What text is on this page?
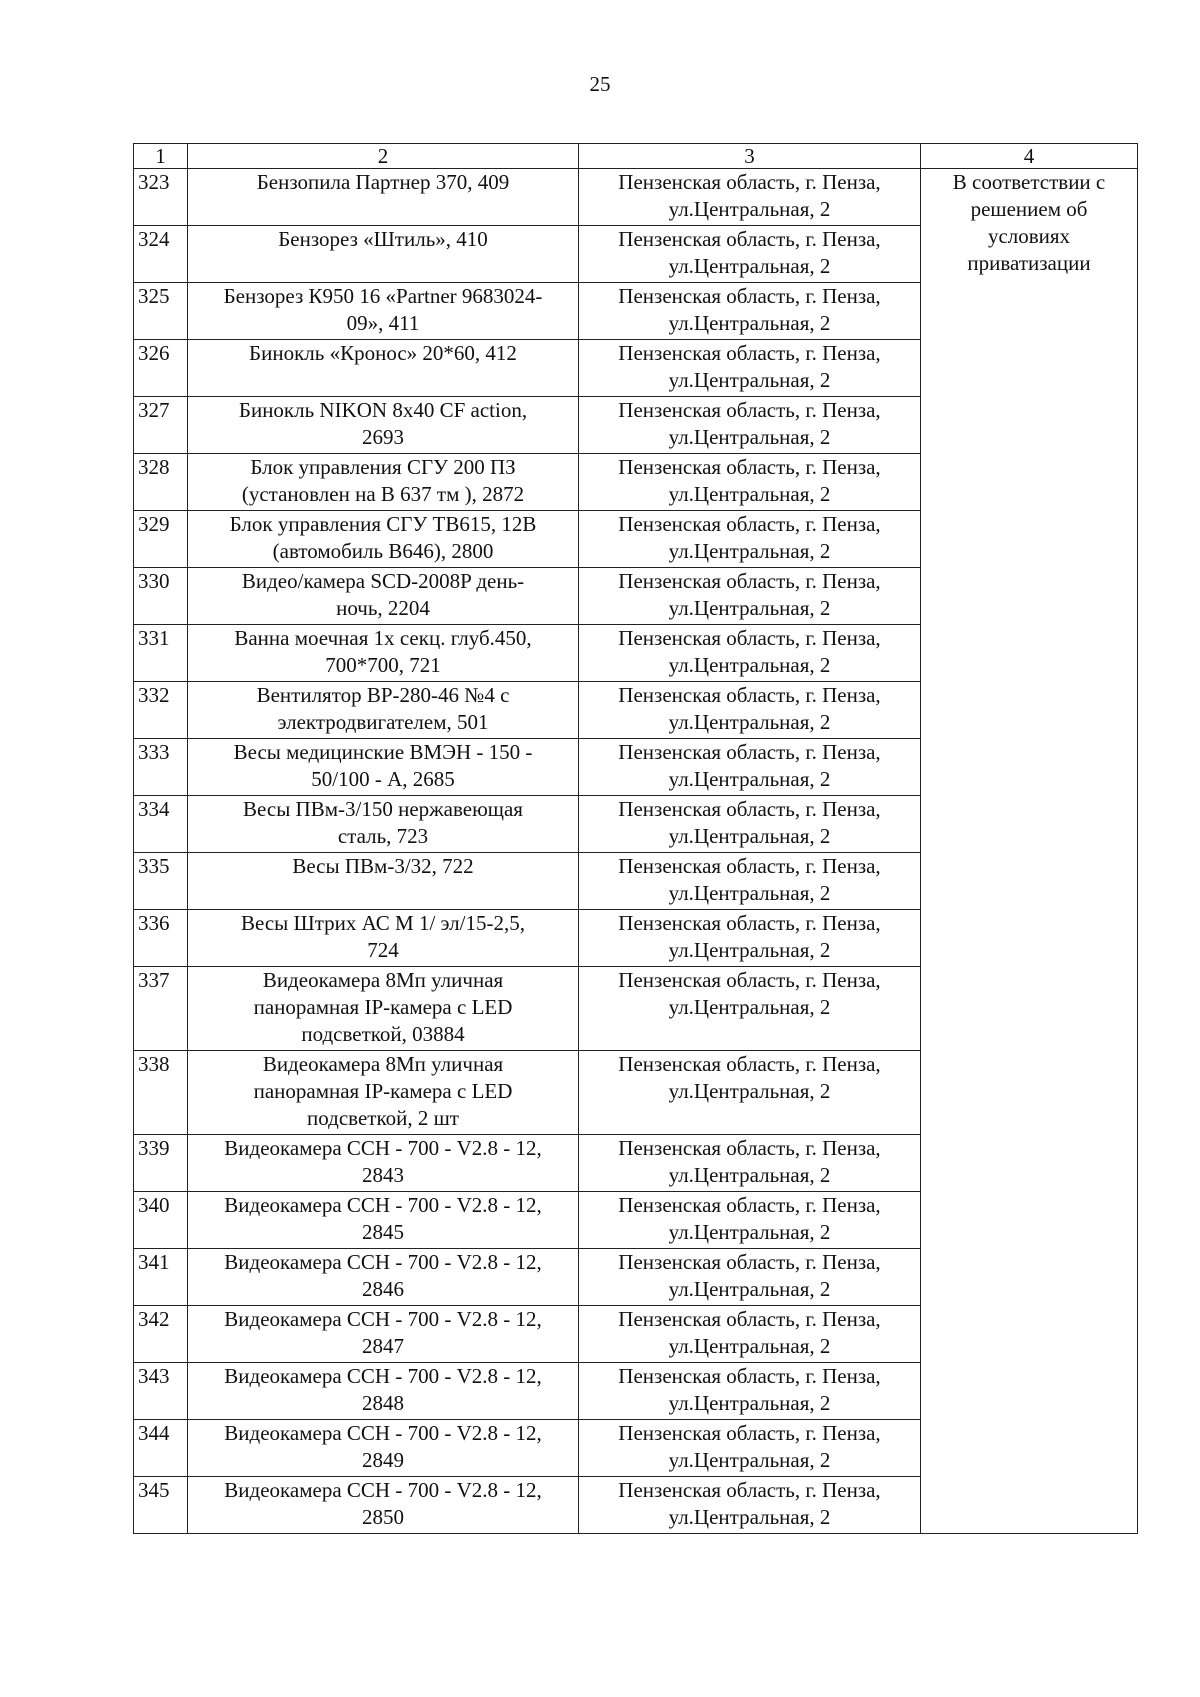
25
1	2	3	4
323	Бензопила Партнер 370, 409	Пензенская область, г. Пенза,
ул.Центральная, 2	В соответствии с
решением об
условиях
приватизации

324	Бензорез «Штиль», 410	Пензенская область, г. Пенза,
ул.Центральная, 2	

325	Бензорез К950 16 «Partner 9683024-
09», 411	Пензенская область, г. Пенза,
ул.Центральная, 2	

326	Бинокль «Кронос» 20*60, 412	Пензенская область, г. Пенза,
ул.Центральная, 2	

327	Бинокль NIKON 8x40 CF action,
2693	Пензенская область, г. Пенза,
ул.Центральная, 2	

328	Блок управления СГУ 200 ПЗ
(установлен на В 637 тм ), 2872	Пензенская область, г. Пенза,
ул.Центральная, 2	

329	Блок управления СГУ ТВ615, 12В
(автомобиль В646), 2800	Пензенская область, г. Пенза,
ул.Центральная, 2	

330	Видео/камера SCD-2008P день-
ночь, 2204	Пензенская область, г. Пенза,
ул.Центральная, 2	

331	Ванна моечная 1х секц. глуб.450,
700*700, 721	Пензенская область, г. Пенза,
ул.Центральная, 2	

332	Вентилятор ВР-280-46 №4 с
электродвигателем, 501	Пензенская область, г. Пенза,
ул.Центральная, 2	

333	Весы медицинские ВМЭН - 150 -
50/100 - А, 2685	Пензенская область, г. Пенза,
ул.Центральная, 2	

334	Весы ПВм-3/150 нержавеющая
сталь, 723	Пензенская область, г. Пенза,
ул.Центральная, 2	

335	Весы ПВм-3/32, 722	Пензенская область, г. Пенза,
ул.Центральная, 2	

336	Весы Штрих АС М 1/ эл/15-2,5,
724	Пензенская область, г. Пенза,
ул.Центральная, 2	

337	Видеокамера 8Мп уличная
панорамная IP-камера с LED
подсветкой, 03884	Пензенская область, г. Пенза,
ул.Центральная, 2	

338	Видеокамера 8Мп уличная
панорамная IP-камера с LED
подсветкой, 2 шт	Пензенская область, г. Пенза,
ул.Центральная, 2	

339	Видеокамера ССН - 700 - V2.8 - 12,
2843	Пензенская область, г. Пенза,
ул.Центральная, 2	

340	Видеокамера ССН - 700 - V2.8 - 12,
2845	Пензенская область, г. Пенза,
ул.Центральная, 2	

341	Видеокамера ССН - 700 - V2.8 - 12,
2846	Пензенская область, г. Пенза,
ул.Центральная, 2	

342	Видеокамера ССН - 700 - V2.8 - 12,
2847	Пензенская область, г. Пенза,
ул.Центральная, 2	

343	Видеокамера ССН - 700 - V2.8 - 12,
2848	Пензенская область, г. Пенза,
ул.Центральная, 2	

344	Видеокамера ССН - 700 - V2.8 - 12,
2849	Пензенская область, г. Пенза,
ул.Центральная, 2	

345	Видеокамера ССН - 700 - V2.8 - 12,
2850	Пензенская область, г. Пенза,
ул.Центральная, 2	
